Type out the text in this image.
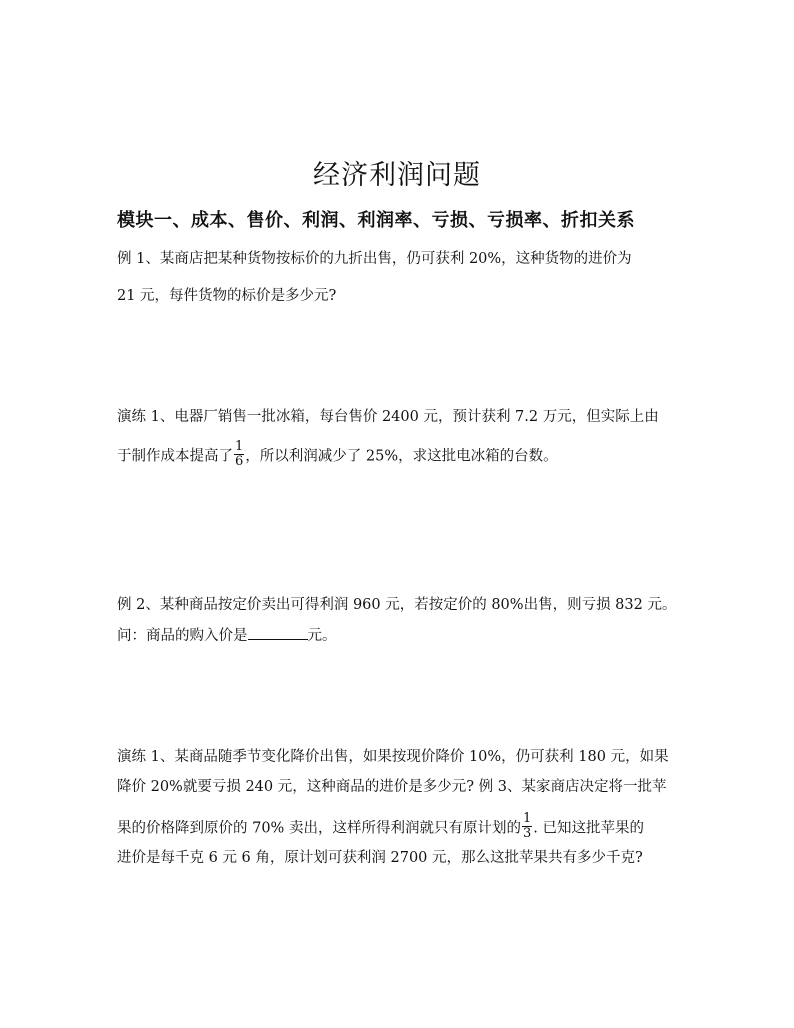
经济利润问题
模块一、成本、售价、利润、利润率、亏损、亏损率、折扣关系
例 1、某商店把某种货物按标价的九折出售，仍可获利 20%，这种货物的进价为
21 元，每件货物的标价是多少元?
演练 1、电器厂销售一批冰箱，每台售价 2400 元，预计获利 7.2 万元，但实际上由
于制作成本提高了 $\frac{1}{6}$ ，所以利润减少了 25%，求这批电冰箱的台数。
例 2、某种商品按定价卖出可得利润 960 元，若按定价的 80%出售，则亏损 832 元。
问：商品的购入价是	元。
演练 1、某商品随季节变化降价出售，如果按现价降价 10%，仍可获利 180 元，如果
降价 20%就要亏损 240 元，这种商品的进价是多少元? 例 3、某家商店决定将一批苹
果的价格降到原价的 70% 卖出，这样所得利润就只有原计划的 $\frac{1}{3}$ . 已知这批苹果的
进价是每千克 6 元 6 角，原计划可获利润 2700 元，那么这批苹果共有多少千克?
